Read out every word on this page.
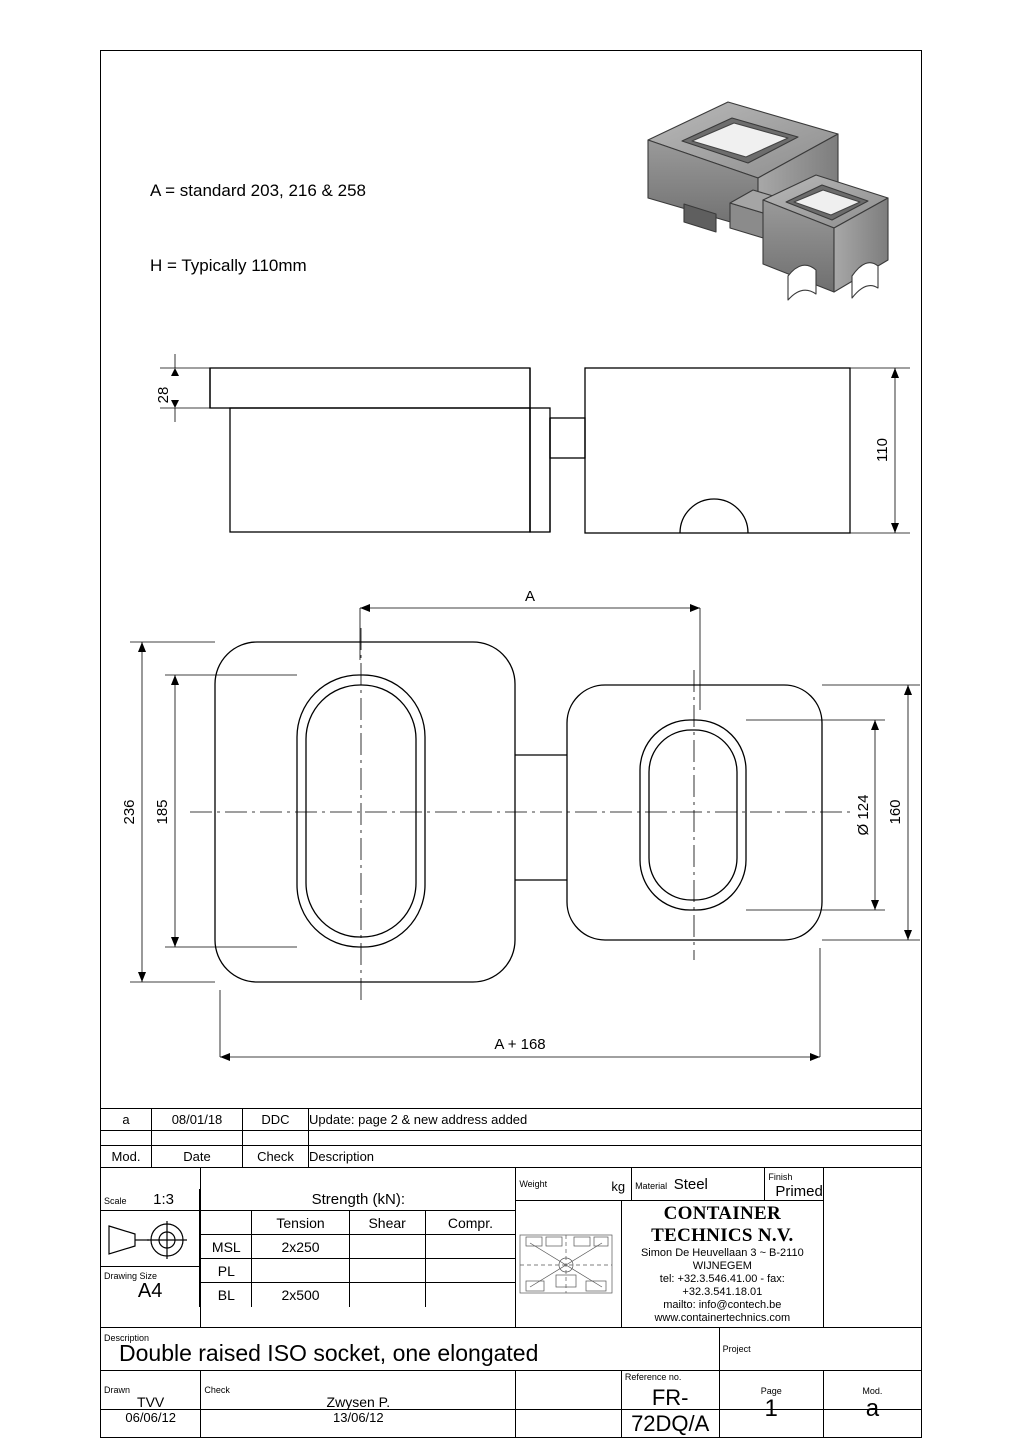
A = standard 203, 216 & 258

H = Typically 110mm

28
110
A
236 185	160
Ø 124
A + 168
a	08/01/18	DDC	Update: page 2 & new address added

Mod.	Date	Check	Description
Scale 1:3

Drawing Size
A4

Strength (kN):
	Tension	Shear	Compr.
MSL	2x250		
PL			
BL	2x500		

Weight	kg	Material Steel	Finish Primed

CONTAINER TECHNICS N.V.
Simon De Heuvellaan 3 ~ B-2110 WIJNEGEM
tel: +32.3.546.41.00 - fax: +32.3.541.18.01
mailto: info@contech.be
www.containertechnics.com

Description
Double raised ISO socket, one elongated	Project

Drawn
TVV
06/06/12

Check
Zwysen P.
13/06/12

Reference no.
FR-72DQ/A

Page
1

Mod.
a
